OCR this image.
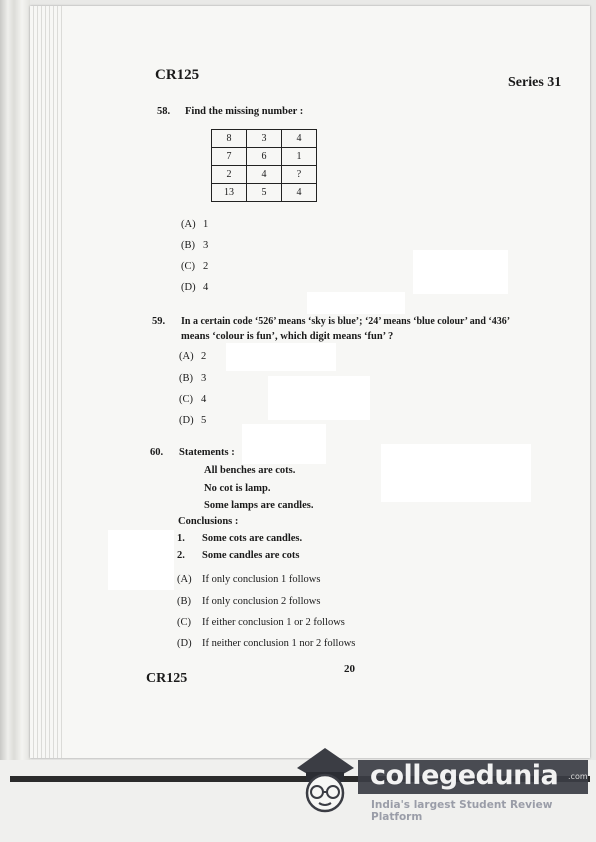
CR125	Series 31
58. Find the missing number :
8	3	4
7	6	1
2	4	?
13	5	4
(A) 1
(B) 3
(C) 2
(D) 4
59. In a certain code ‘526’ means ‘sky is blue’; ‘24’ means ‘blue colour’ and ‘436’
means ‘colour is fun’, which digit means ‘fun’ ?
(A) 2
(B) 3
(C) 4
(D) 5
60. Statements :
All benches are cots.
No cot is lamp.
Some lamps are candles.
Conclusions :
1. Some cots are candles.
2. Some candles are cots
(A) If only conclusion 1 follows
(B) If only conclusion 2 follows
(C) If either conclusion 1 or 2 follows
(D) If neither conclusion 1 nor 2 follows
20
CR125
collegedunia .com
India's largest Student Review Platform
